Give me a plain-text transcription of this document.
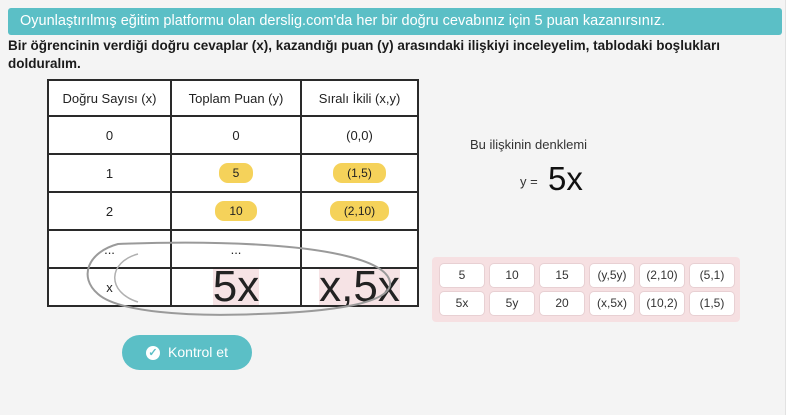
Oyunlaştırılmış eğitim platformu olan derslig.com'da her bir doğru cevabınız için 5 puan kazanırsınız.
Bir öğrencinin verdiği doğru cevaplar (x), kazandığı puan (y) arasındaki ilişkiyi inceleyelim, tablodaki boşlukları dolduralım.
Doğru Sayısı (x)	Toplam Puan (y)	Sıralı İkili (x,y)
0	0	(0,0)
1	5	(1,5)
2	10	(2,10)
...	...	
x	5x	x,5x
Bu ilişkinin denklemi
y = 5x
5	10	15	(y,5y)	(2,10)	(5,1)
5x	5y	20	(x,5x)	(10,2)	(1,5)
✓ Kontrol et
